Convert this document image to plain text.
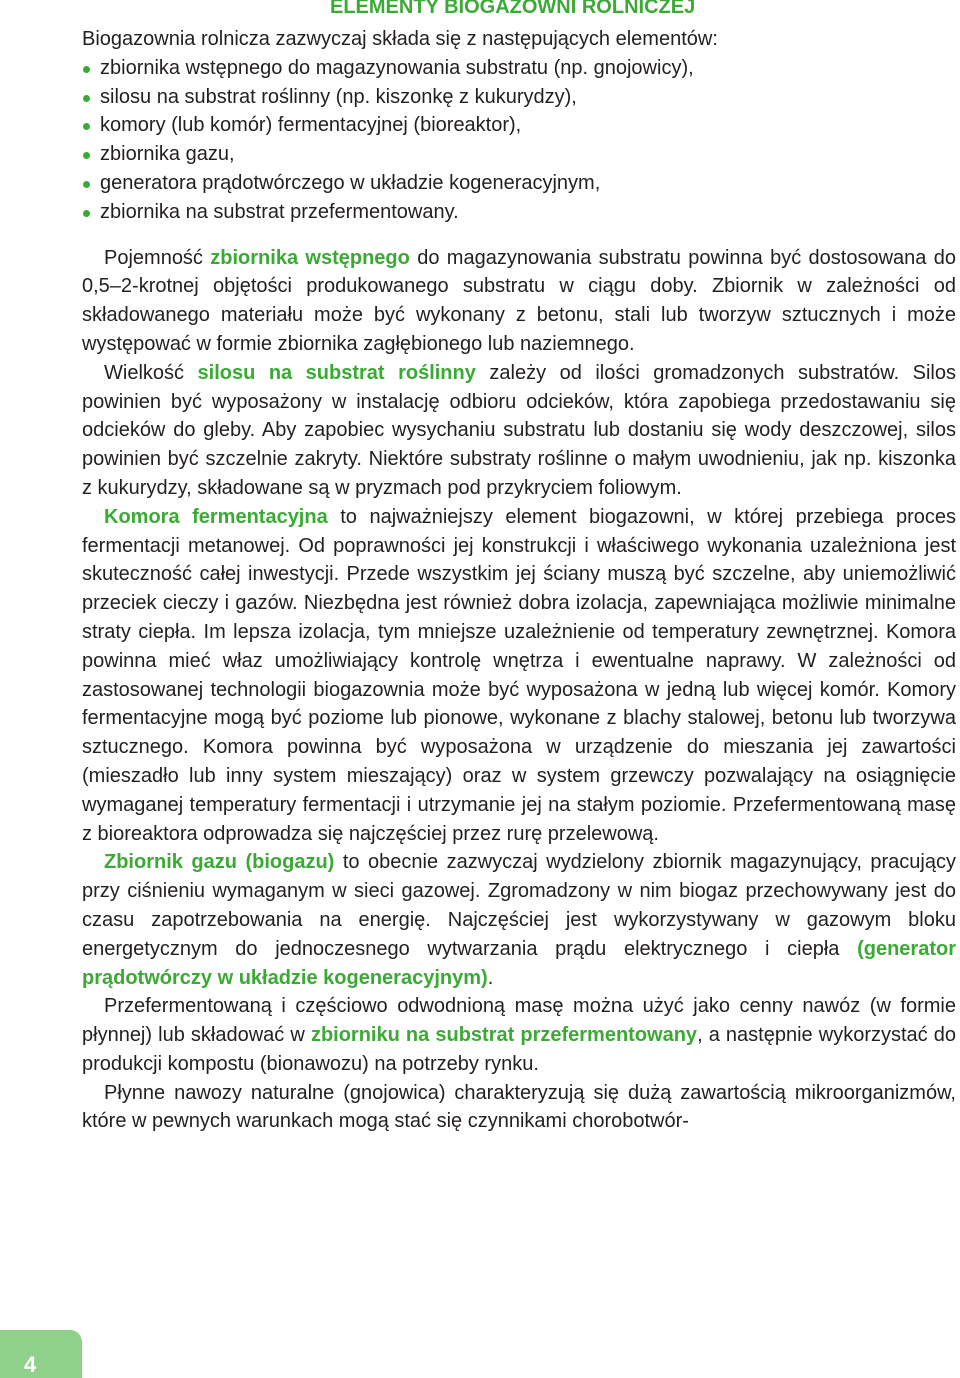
ELEMENTY BIOGAZOWNI ROLNICZEJ

Biogazownia rolnicza zazwyczaj składa się z następujących elementów:

zbiornika wstępnego do magazynowania substratu (np. gnojowicy),
silosu na substrat roślinny (np. kiszonkę z kukurydzy),
komory (lub komór) fermentacyjnej (bioreaktor),
zbiornika gazu,
generatora prądotwórczego w układzie kogeneracyjnym,
zbiornika na substrat przefermentowany.

Pojemność zbiornika wstępnego do magazynowania substratu powinna być dostosowana do 0,5–2-krotnej objętości produkowanego substratu w ciągu doby. Zbiornik w zależności od składowanego materiału może być wykonany z betonu, stali lub tworzyw sztucznych i może występować w formie zbiornika zagłębionego lub naziemnego.

Wielkość silosu na substrat roślinny zależy od ilości gromadzonych substratów. Silos powinien być wyposażony w instalację odbioru odcieków, która zapobiega przedostawaniu się odcieków do gleby. Aby zapobiec wysychaniu substratu lub dostaniu się wody deszczowej, silos powinien być szczelnie zakryty. Niektóre substraty roślinne o małym uwodnieniu, jak np. kiszonka z kukurydzy, składowane są w pryzmach pod przykryciem foliowym.

Komora fermentacyjna to najważniejszy element biogazowni, w której przebiega proces fermentacji metanowej. Od poprawności jej konstrukcji i właściwego wykonania uzależniona jest skuteczność całej inwestycji. Przede wszystkim jej ściany muszą być szczelne, aby uniemożliwić przeciek cieczy i gazów. Niezbędna jest również dobra izolacja, zapewniająca możliwie minimalne straty ciepła. Im lepsza izolacja, tym mniejsze uzależnienie od temperatury zewnętrznej. Komora powinna mieć właz umożliwiający kontrolę wnętrza i ewentualne naprawy. W zależności od zastosowanej technologii biogazownia może być wyposażona w jedną lub więcej komór. Komory fermentacyjne mogą być poziome lub pionowe, wykonane z blachy stalowej, betonu lub tworzywa sztucznego. Komora powinna być wyposażona w urządzenie do mieszania jej zawartości (mieszadło lub inny system mieszający) oraz w system grzewczy pozwalający na osiągnięcie wymaganej temperatury fermentacji i utrzymanie jej na stałym poziomie. Przefermentowaną masę z bioreaktora odprowadza się najczęściej przez rurę przelewową.

Zbiornik gazu (biogazu) to obecnie zazwyczaj wydzielony zbiornik magazynujący, pracujący przy ciśnieniu wymaganym w sieci gazowej. Zgromadzony w nim biogaz przechowywany jest do czasu zapotrzebowania na energię. Najczęściej jest wykorzystywany w gazowym bloku energetycznym do jednoczesnego wytwarzania prądu elektrycznego i ciepła (generator prądotwórczy w układzie kogeneracyjnym).

Przefermentowaną i częściowo odwodnioną masę można użyć jako cenny nawóz (w formie płynnej) lub składować w zbiorniku na substrat przefermentowany, a następnie wykorzystać do produkcji kompostu (bionawozu) na potrzeby rynku.

Płynne nawozy naturalne (gnojowica) charakteryzują się dużą zawartością mikroorganizmów, które w pewnych warunkach mogą stać się czynnikami chorobotwór-

4
